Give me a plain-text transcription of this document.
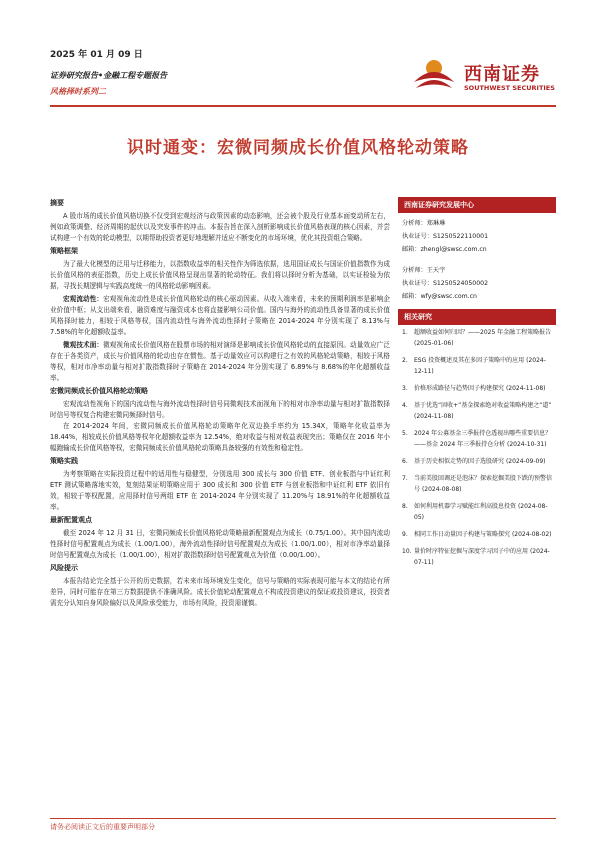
2025 年 01 月 09 日
证券研究报告•金融工程专题报告
风格择时系列二
西南证券
SOUTHWEST SECURITIES
识时通变：宏微同频成长价值风格轮动策略
摘要

A 股市场的成长价值风格切换不仅受到宏观经济与政策因素的动态影响，还会被个股及行业基本面变动所左右，例如政策调整、经济周期的起伏以及突发事件的冲击。本报告旨在深入剖析影响成长价值风格表现的核心因素，并尝试构建一个有效的轮动模型，以期帮助投资者更好地理解并适应不断变化的市场环境，优化其投资组合策略。

策略框架

为了最大化模型的泛用与迁移能力，以指数收益率的相关性作为筛选依据，选用国证成长与国证价值指数作为成长价值风格的表征指数，历史上成长价值风格呈现出显著的轮动特征。我们将以择时分析为基础，以实证检验为依据，寻找长期逻辑与实践高度统一的风格轮动影响因素。

宏观流动性：宏观视角流动性是成长价值风格轮动的核心驱动因素。从收入端来看，未来的预期利润率是影响企业价值中枢；从支出端来看，融资难度与融资成本也将直接影响公司价值。国内与海外的流动性具备显著的成长价值风格择时能力，相较于风格等权，国内流动性与海外流动性择时子策略在 2014-2024 年分别实现了 8.13%与 7.58%的年化超额收益率。

微观技术面：微观视角成长价值风格在股票市场的相对演绎是影响成长价值风格轮动的直接原因。动量效应广泛存在于各类资产，成长与价值风格的轮动也存在惯性。基于动量效应可以构建行之有效的风格轮动策略，相较于风格等权，相对市净率动量与相对扩散指数择时子策略在 2014-2024 年分别实现了 6.89%与 8.68%的年化超额收益率。

宏微同频成长价值风格轮动策略

宏观流动性视角下的国内流动性与海外流动性择时信号同微观技术面视角下的相对市净率动量与相对扩散指数择时信号等权复合构建宏微同频择时信号。

在 2014-2024 年间，宏微同频成长价值风格轮动策略年化双边换手率约为 15.34X，策略年化收益率为 18.44%，相较成长价值风格等权年化超额收益率为 12.54%，绝对收益与相对收益表现突出；策略仅在 2016 年小幅跑输成长价值风格等权，宏微同频成长价值风格轮动策略具备较强的有效性和稳定性。

策略实践

为考察策略在实际投资过程中的适用性与稳健型，分别选用 300 成长与 300 价值 ETF、创业板指与中证红利 ETF 测试策略落地实效，复刻结果证明策略应用于 300 成长和 300 价值 ETF 与创业板指和中证红利 ETF 依旧有效，相较于等权配置，应用择时信号两组 ETF 在 2014-2024 年分别实现了 11.20%与 18.91%的年化超额收益率。

最新配置观点

截至 2024 年 12 月 31 日，宏微同频成长价值风格轮动策略最新配置观点为成长（0.75/1.00）。其中国内流动性择时信号配置观点为成长（1.00/1.00），海外流动性择时信号配置观点为成长（1.00/1.00），相对市净率动量择时信号配置观点为成长（1.00/1.00），相对扩散指数择时信号配置观点为价值（0.00/1.00）。

风险提示

本报告结论完全基于公开的历史数据，若未来市场环境发生变化，信号与策略的实际表现可能与本文的结论有所差异，同时可能存在第三方数据提供不准确风险。成长价值轮动配置观点不构成投资建议的保证或投资建议，投资者需充分认知自身风险偏好以及风险承受能力，市场有风险，投资需谨慎。

西南证券研究发展中心
分析师：郑琳琳
执业证号：S1250522110001
邮箱：zhengl@swsc.com.cn
分析师：王天宇
执业证号：S1250524050002
邮箱：wfy@swsc.com.cn
相关研究
1.	超额收益如何归因？——2025 年金融工程策略报告 (2025-01-06)
2.	ESG 投资概述及其在多因子策略中的应用 (2024-12-11)
3.	价格形成路径与趋势因子构建探究 (2024-11-08)
4.	基于优选“固收+”基金探索绝对收益策略构建之“道” (2024-11-08)
5.	2024 年公募基金三季报持仓透视出哪些重要信息？——基金 2024 年三季报持仓分析 (2024-10-31)
6.	基于历史相似走势的因子选股研究 (2024-09-09)
7.	当前美股回调还是泡沫？探索挖掘美股下跌的预警信号 (2024-08-08)
8.	如何利用机器学习赋能红利高股息投资 (2024-08-05)
9.	相同工作日动量因子构建与策略探究 (2024-08-02)
10. 量价时序特征挖掘与深度学习因子中的应用 (2024-07-11)
请务必阅读正文后的重要声明部分
